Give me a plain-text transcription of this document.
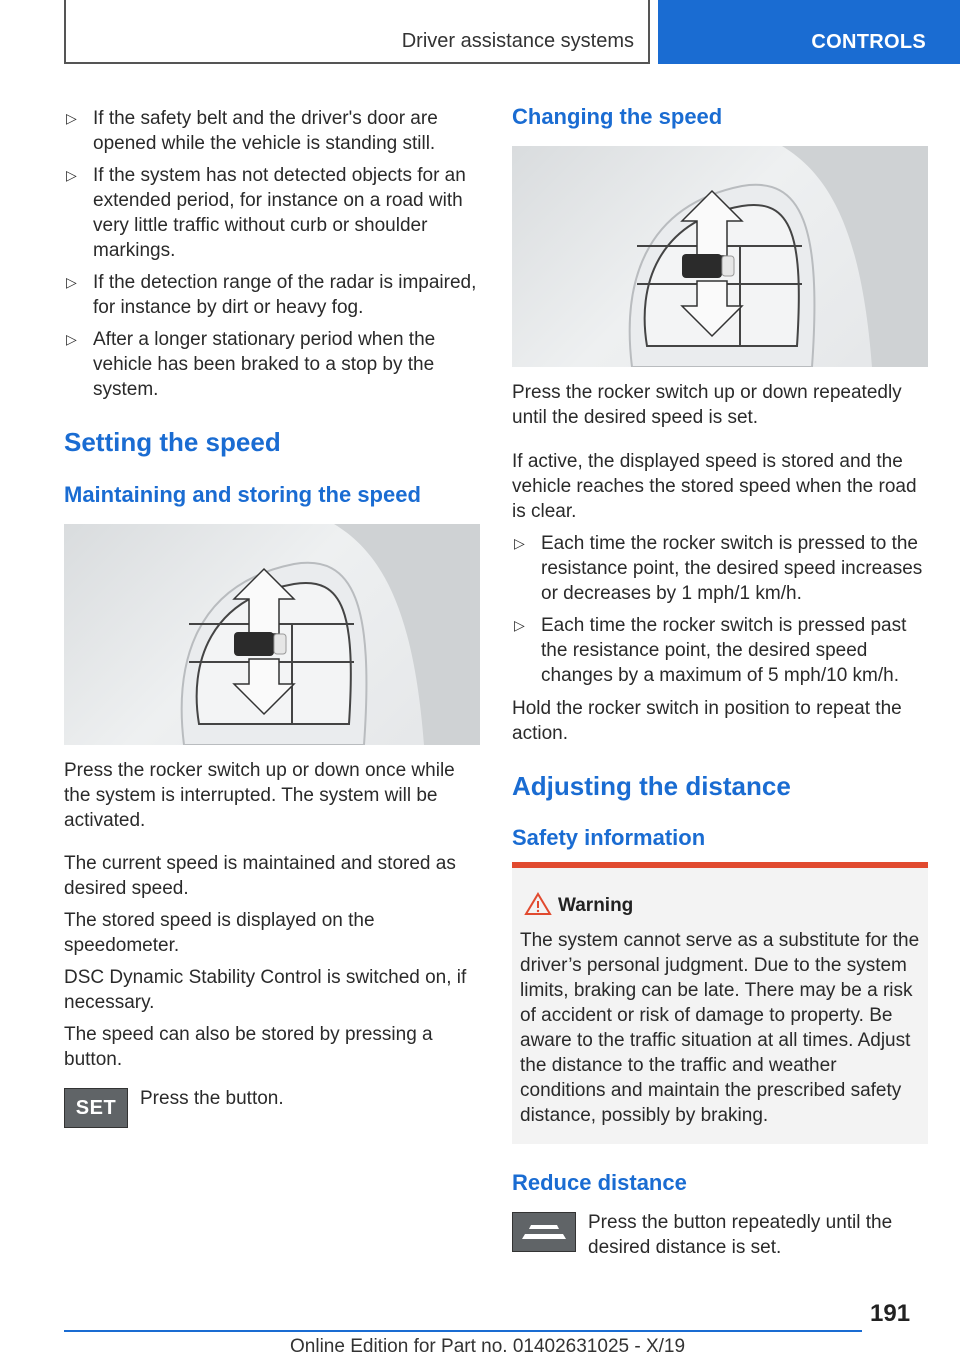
Driver assistance systems	CONTROLS
▷ If the safety belt and the driver's door are opened while the vehicle is standing still.
▷ If the system has not detected objects for an extended period, for instance on a road with very little traffic without curb or shoulder markings.
▷ If the detection range of the radar is impaired, for instance by dirt or heavy fog.
▷ After a longer stationary period when the vehicle has been braked to a stop by the system.
Setting the speed
Maintaining and storing the speed

Press the rocker switch up or down once while the system is interrupted. The system will be activated.

The current speed is maintained and stored as desired speed.

The stored speed is displayed on the speedometer.

DSC Dynamic Stability Control is switched on, if necessary.

The speed can also be stored by pressing a button.

Press the button.

SET
Changing the speed

Press the rocker switch up or down repeatedly until the desired speed is set.

If active, the displayed speed is stored and the vehicle reaches the stored speed when the road is clear.

▷ Each time the rocker switch is pressed to the resistance point, the desired speed increases or decreases by 1 mph/1 km/h.
▷ Each time the rocker switch is pressed past the resistance point, the desired speed changes by a maximum of 5 mph/10 km/h.

Hold the rocker switch in position to repeat the action.

Adjusting the distance
Safety information
Reduce distance

Press the button repeatedly until the desired distance is set.

Warning

The system cannot serve as a substitute for the driver’s personal judgment. Due to the system limits, braking can be late. There may be a risk of accident or risk of damage to property. Be aware to the traffic situation at all times. Adjust the distance to the traffic and weather conditions and maintain the prescribed safety distance, possibly by braking.

191
Online Edition for Part no. 01402631025 - X/19
